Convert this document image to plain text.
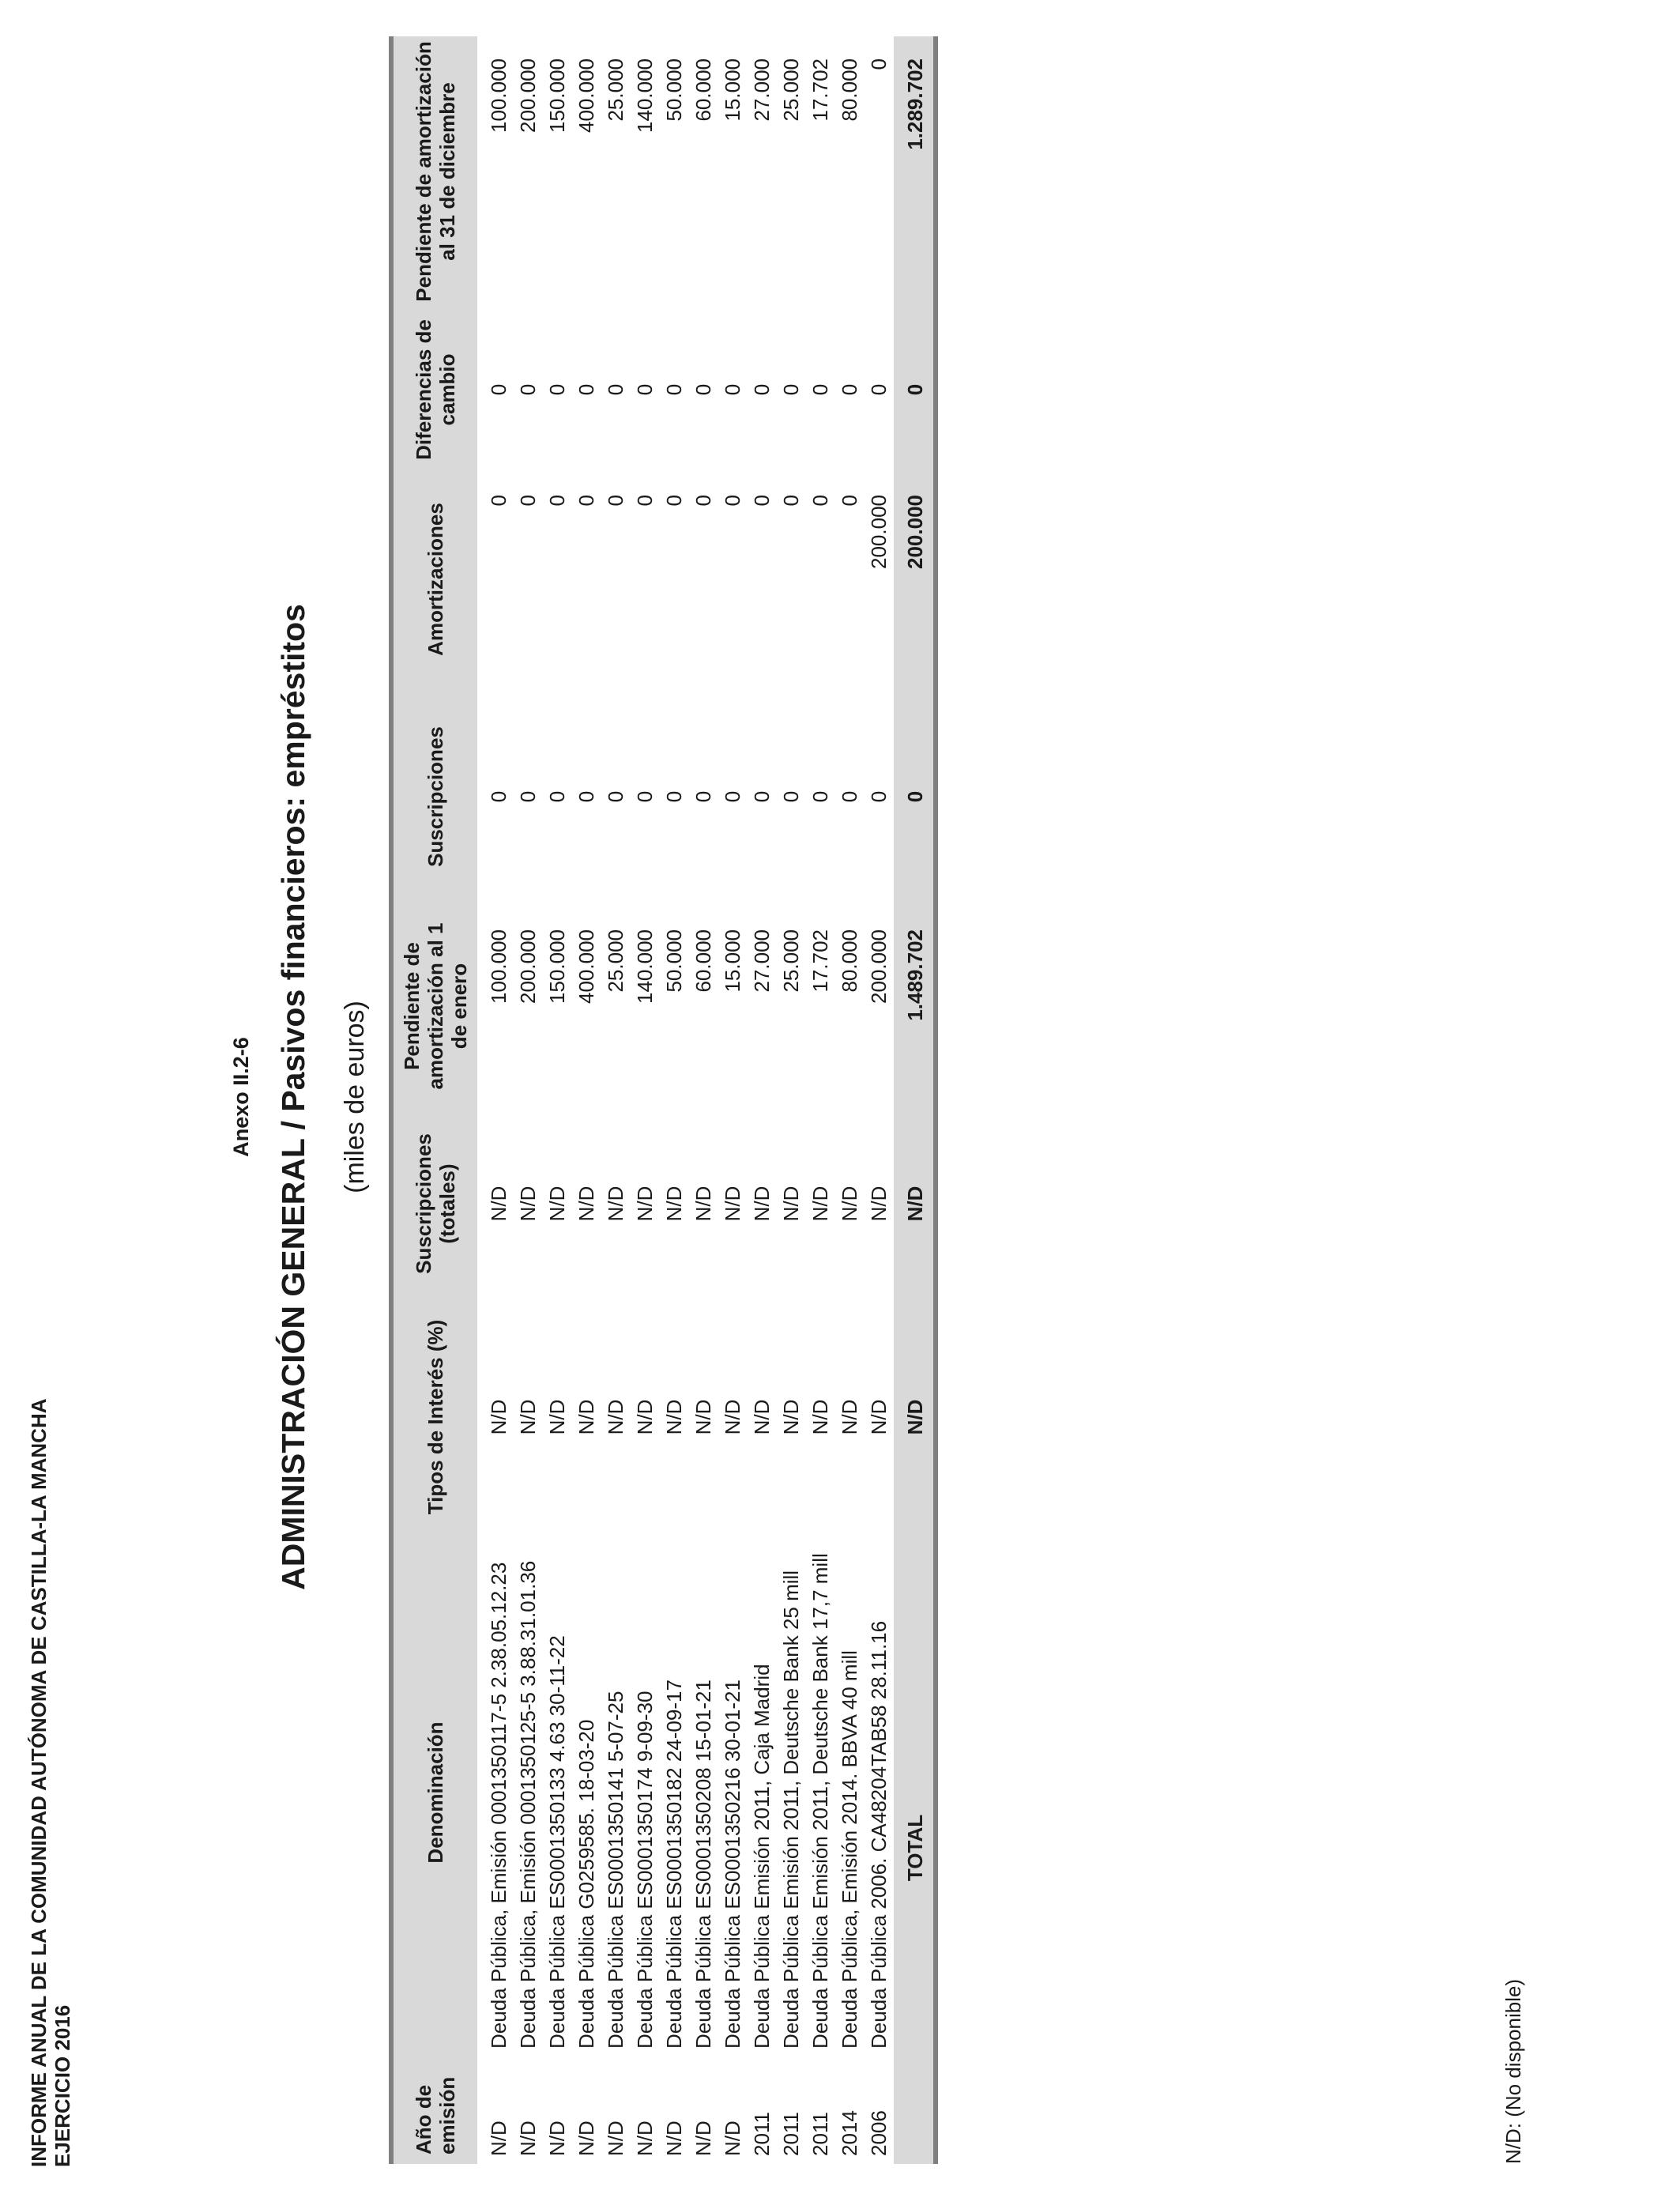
INFORME ANUAL DE LA COMUNIDAD AUTÓNOMA DE CASTILLA-LA MANCHA EJERCICIO 2016
Anexo II.2-6 ADMINISTRACIÓN GENERAL / Pasivos financieros: empréstitos (miles de euros)
Año de emisión	Denominación	Tipos de Interés (%)	Suscripciones (totales)	Pendiente de amortización al 1 de enero	Suscripciones	Amortizaciones	Diferencias de cambio	Pendiente de amortización al 31 de diciembre
N/D	Deuda Pública, Emisión 0001350117-5 2.38.05.12.23	N/D	N/D	100.000	0	0	0	100.000
N/D	Deuda Pública, Emisión 0001350125-5 3.88.31.01.36	N/D	N/D	200.000	0	0	0	200.000
N/D	Deuda Pública ES0001350133 4.63 30-11-22	N/D	N/D	150.000	0	0	0	150.000
N/D	Deuda Pública G0259585. 18-03-20	N/D	N/D	400.000	0	0	0	400.000
N/D	Deuda Pública ES0001350141 5-07-25	N/D	N/D	25.000	0	0	0	25.000
N/D	Deuda Pública ES0001350174 9-09-30	N/D	N/D	140.000	0	0	0	140.000
N/D	Deuda Pública ES0001350182 24-09-17	N/D	N/D	50.000	0	0	0	50.000
N/D	Deuda Pública ES0001350208 15-01-21	N/D	N/D	60.000	0	0	0	60.000
N/D	Deuda Pública ES0001350216 30-01-21	N/D	N/D	15.000	0	0	0	15.000
2011	Deuda Pública Emisión 2011, Caja Madrid	N/D	N/D	27.000	0	0	0	27.000
2011	Deuda Pública Emisión 2011, Deutsche Bank 25 mill	N/D	N/D	25.000	0	0	0	25.000
2011	Deuda Pública Emisión 2011, Deutsche Bank 17,7 mill	N/D	N/D	17.702	0	0	0	17.702
2014	Deuda Pública, Emisión 2014. BBVA 40 mill	N/D	N/D	80.000	0	0	0	80.000
2006	Deuda Pública 2006. CA48204TAB58 28.11.16	N/D	N/D	200.000	0	200.000	0	0
TOTAL		N/D	N/D	1.489.702	0	200.000	0	1.289.702
N/D: (No disponible)
